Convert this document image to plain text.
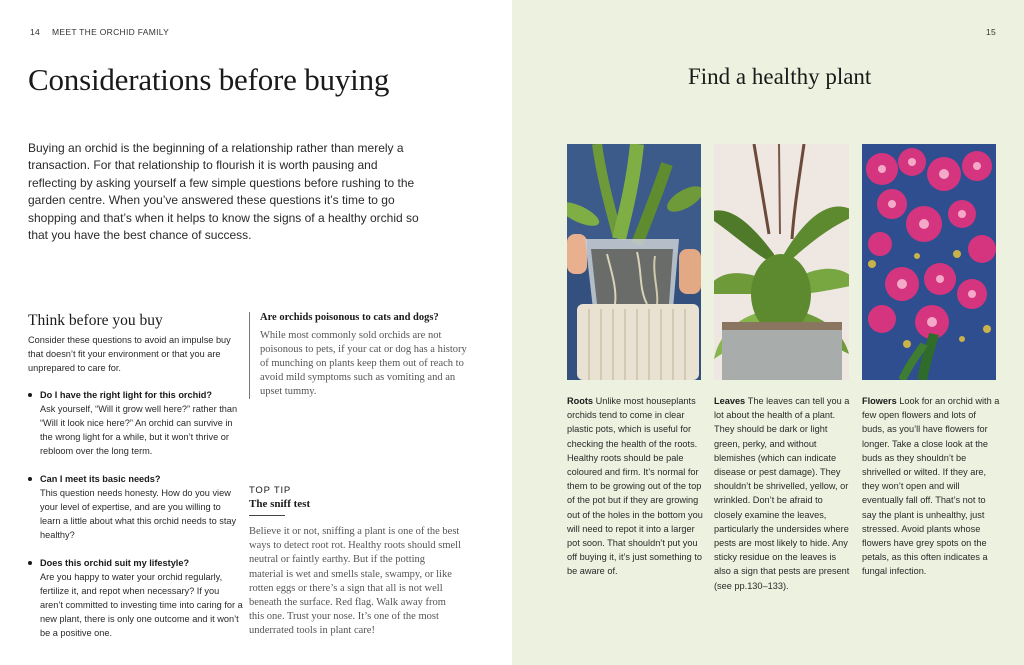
14 MEET THE ORCHID FAMILY
Considerations before buying

Buying an orchid is the beginning of a relationship rather than merely a transaction. For that relationship to flourish it is worth pausing and reflecting by asking yourself a few simple questions before rushing to the garden centre. When you’ve answered these questions it’s time to go shopping and that’s when it helps to know the signs of a healthy orchid so that you have the best chance of success.

Think before you buy
Consider these questions to avoid an impulse buy that doesn’t fit your environment or that you are unprepared to care for.
Do I have the right light for this orchid?
Ask yourself, “Will it grow well here?” rather than “Will it look nice here?” An orchid can survive in the wrong light for a while, but it won’t thrive or rebloom over the long term.
Can I meet its basic needs?
This question needs honesty. How do you view your level of expertise, and are you willing to learn a little about what this orchid needs to stay healthy?
Does this orchid suit my lifestyle?
Are you happy to water your orchid regularly, fertilize it, and repot when necessary? If you aren’t committed to investing time into caring for a new plant, there is only one outcome and it won’t be a positive one.

Are orchids poisonous to cats and dogs?

While most commonly sold orchids are not poisonous to pets, if your cat or dog has a history of munching on plants keep them out of reach to avoid mild symptoms such as vomiting and an upset tummy.

TOP TIP
The sniff test
Believe it or not, sniffing a plant is one of the best ways to detect root rot. Healthy roots should smell neutral or faintly earthy. But if the potting material is wet and smells stale, swampy, or like rotten eggs or there’s a sign that all is not well beneath the surface. Red flag. Walk away from this one. Trust your nose. It’s one of the most underrated tools in plant care!
15
Find a healthy plant
Roots Unlike most houseplants orchids tend to come in clear plastic pots, which is useful for checking the health of the roots. Healthy roots should be pale coloured and firm. It’s normal for them to be growing out of the top of the pot but if they are growing out of the holes in the bottom you will need to repot it into a larger pot soon. That shouldn’t put you off buying it, it’s just something to be aware of.
Leaves The leaves can tell you a lot about the health of a plant. They should be dark or light green, perky, and without blemishes (which can indicate disease or pest damage). They shouldn’t be shrivelled, yellow, or wrinkled. Don’t be afraid to closely examine the leaves, particularly the undersides where pests are most likely to hide. Any sticky residue on the leaves is also a sign that pests are present (see pp.130–133).
Flowers Look for an orchid with a few open flowers and lots of buds, as you’ll have flowers for longer. Take a close look at the buds as they shouldn’t be shrivelled or wilted. If they are, they won’t open and will eventually fall off. That’s not to say the plant is unhealthy, just stressed. Avoid plants whose flowers have grey spots on the petals, as this often indicates a fungal infection.
